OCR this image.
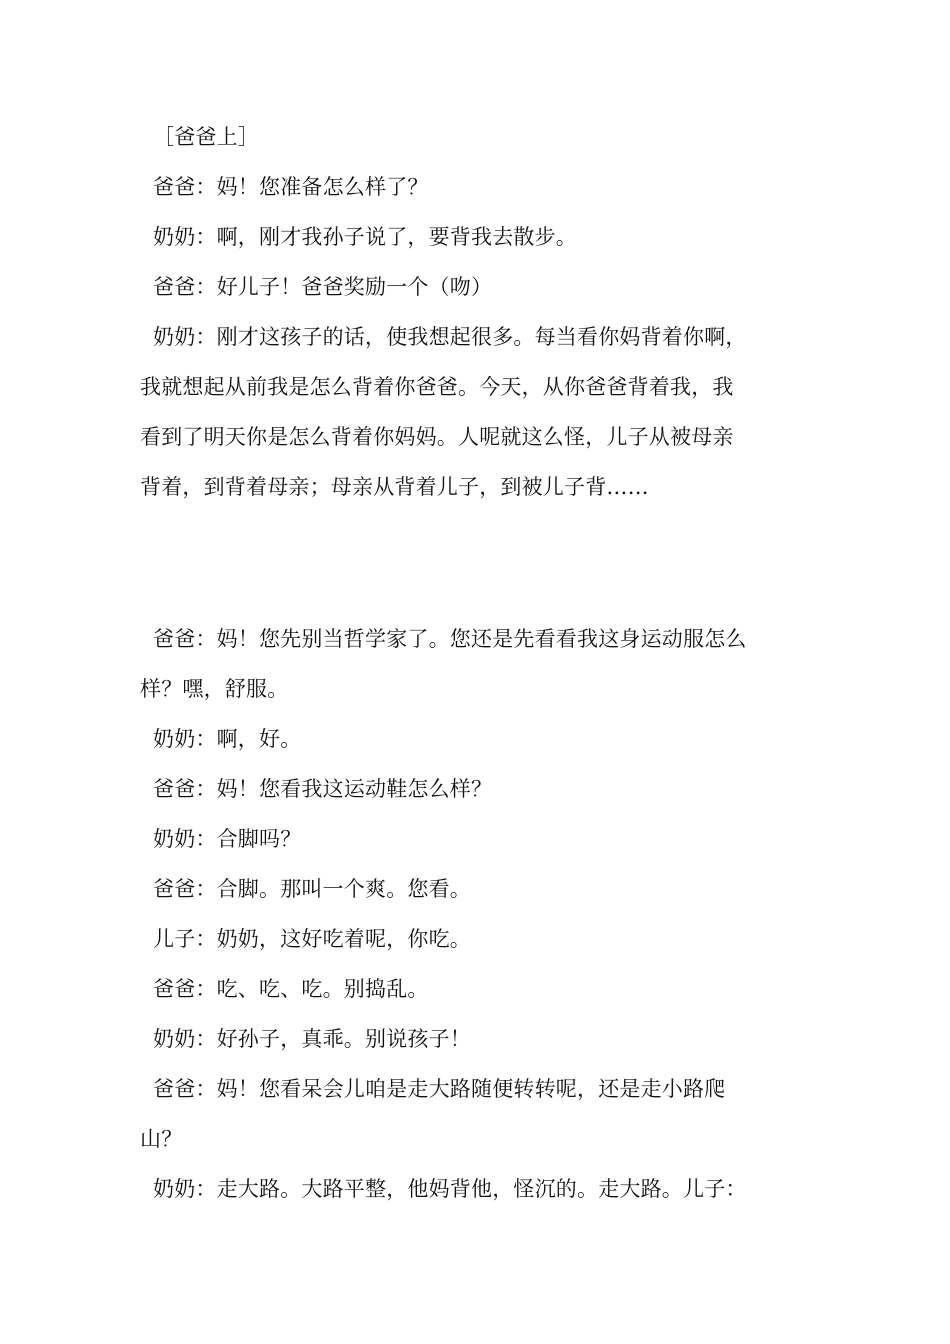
［爸爸上］
爸爸：妈！您准备怎么样了？
奶奶：啊，刚才我孙子说了，要背我去散步。
爸爸：好儿子！爸爸奖励一个（吻）
奶奶：刚才这孩子的话，使我想起很多。每当看你妈背着你啊，
我就想起从前我是怎么背着你爸爸。今天，从你爸爸背着我，我
看到了明天你是怎么背着你妈妈。人呢就这么怪，儿子从被母亲
背着，到背着母亲；母亲从背着儿子，到被儿子背……
爸爸：妈！您先别当哲学家了。您还是先看看我这身运动服怎么
样？嘿，舒服。
奶奶：啊，好。
爸爸：妈！您看我这运动鞋怎么样？
奶奶：合脚吗？
爸爸：合脚。那叫一个爽。您看。
儿子：奶奶，这好吃着呢，你吃。
爸爸：吃、吃、吃。别捣乱。
奶奶：好孙子，真乖。别说孩子！
爸爸：妈！您看呆会儿咱是走大路随便转转呢，还是走小路爬
山？
奶奶：走大路。大路平整，他妈背他，怪沉的。走大路。儿子：
